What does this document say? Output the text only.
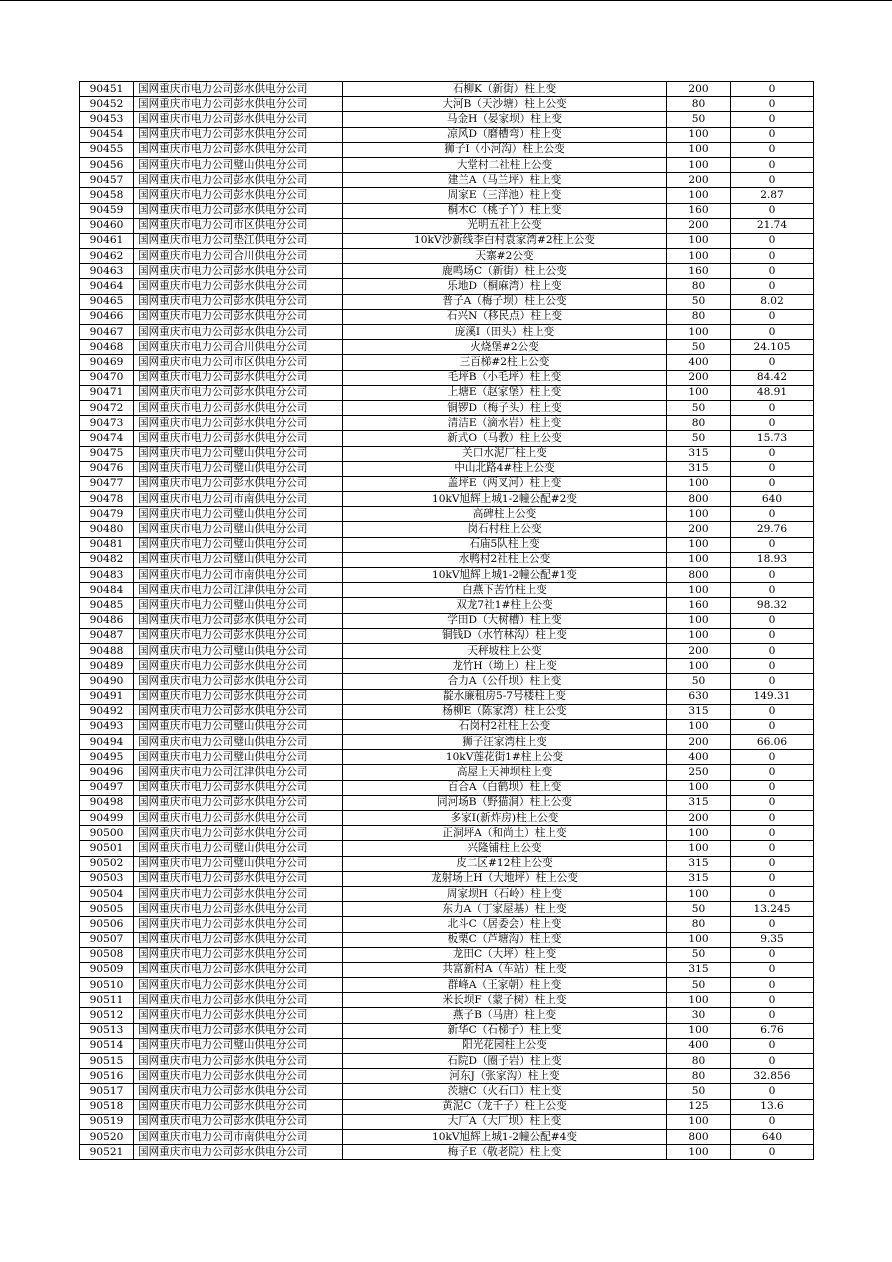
90451	国网重庆市电力公司彭水供电分公司	石柳K（新街）柱上变	200	0
90452	国网重庆市电力公司彭水供电分公司	大河B（天沙塘）柱上公变	80	0
90453	国网重庆市电力公司彭水供电分公司	马金H（晏家坝）柱上变	50	0
90454	国网重庆市电力公司彭水供电分公司	凉风D（磨槽弯）柱上变	100	0
90455	国网重庆市电力公司彭水供电分公司	狮子I（小河沟）柱上公变	100	0
90456	国网重庆市电力公司璧山供电分公司	大堂村二社柱上公变	100	0
90457	国网重庆市电力公司彭水供电分公司	建兰A（马兰坪）柱上变	200	0
90458	国网重庆市电力公司彭水供电分公司	周家E（三洋池）柱上变	100	2.87
90459	国网重庆市电力公司彭水供电分公司	桐木C（桃子丫）柱上变	160	0
90460	国网重庆市电力公司市区供电分公司	光明五社上公变	200	21.74
90461	国网重庆市电力公司垫江供电分公司	10kV沙新线李白村袁家湾#2柱上公变	100	0
90462	国网重庆市电力公司合川供电分公司	天寨#2公变	100	0
90463	国网重庆市电力公司彭水供电分公司	鹿鸣场C（新街）柱上公变	160	0
90464	国网重庆市电力公司彭水供电分公司	乐地D（桐麻湾）柱上变	80	0
90465	国网重庆市电力公司彭水供电分公司	普子A（梅子坝）柱上公变	50	8.02
90466	国网重庆市电力公司彭水供电分公司	石兴N（移民点）柱上变	80	0
90467	国网重庆市电力公司彭水供电分公司	庞溪I（田头）柱上变	100	0
90468	国网重庆市电力公司合川供电分公司	火烧堡#2公变	50	24.105
90469	国网重庆市电力公司市区供电分公司	三百梯#2柱上公变	400	0
90470	国网重庆市电力公司彭水供电分公司	毛坪B（小毛坪）柱上变	200	84.42
90471	国网重庆市电力公司彭水供电分公司	上塘E（赵家堡）柱上变	100	48.91
90472	国网重庆市电力公司彭水供电分公司	铜锣D（梅子头）柱上变	50	0
90473	国网重庆市电力公司彭水供电分公司	清洁E（滴水岩）柱上变	80	0
90474	国网重庆市电力公司彭水供电分公司	新式O（马教）柱上公变	50	15.73
90475	国网重庆市电力公司璧山供电分公司	关口水泥厂柱上变	315	0
90476	国网重庆市电力公司璧山供电分公司	中山北路4#柱上公变	315	0
90477	国网重庆市电力公司彭水供电分公司	盖坪E（两叉河）柱上变	100	0
90478	国网重庆市电力公司市南供电分公司	10kV旭辉上城1-2幢公配#2变	800	640
90479	国网重庆市电力公司璧山供电分公司	高碑柱上公变	100	0
90480	国网重庆市电力公司璧山供电分公司	岗石村柱上公变	200	29.76
90481	国网重庆市电力公司璧山供电分公司	石庙5队柱上变	100	0
90482	国网重庆市电力公司璧山供电分公司	水鸭村2社柱上公变	100	18.93
90483	国网重庆市电力公司市南供电分公司	10kV旭辉上城1-2幢公配#1变	800	0
90484	国网重庆市电力公司江津供电分公司	白燕下苦竹柱上变	100	0
90485	国网重庆市电力公司璧山供电分公司	双龙7社1#柱上公变	160	98.32
90486	国网重庆市电力公司彭水供电分公司	学田D（大树槽）柱上变	100	0
90487	国网重庆市电力公司彭水供电分公司	铜钱D（水竹林沟）柱上变	100	0
90488	国网重庆市电力公司璧山供电分公司	天秤坡柱上公变	200	0
90489	国网重庆市电力公司彭水供电分公司	龙竹H（坳上）柱上变	100	0
90490	国网重庆市电力公司彭水供电分公司	合力A（公仟坝）柱上变	50	0
90491	国网重庆市电力公司彭水供电分公司	靛水廉租房5-7号楼柱上变	630	149.31
90492	国网重庆市电力公司彭水供电分公司	杨柳E（陈家湾）柱上公变	315	0
90493	国网重庆市电力公司璧山供电分公司	石岗村2社柱上公变	100	0
90494	国网重庆市电力公司璧山供电分公司	狮子汪家湾柱上变	200	66.06
90495	国网重庆市电力公司璧山供电分公司	10kV莲花街1#柱上公变	400	0
90496	国网重庆市电力公司江津供电分公司	高屋上天神坝柱上变	250	0
90497	国网重庆市电力公司彭水供电分公司	百合A（白鹤坝）柱上变	100	0
90498	国网重庆市电力公司彭水供电分公司	同河场B（野猫洞）柱上公变	315	0
90499	国网重庆市电力公司彭水供电分公司	多家I(新炸房)柱上公变	200	0
90500	国网重庆市电力公司彭水供电分公司	正洞坪A（和尚土）柱上变	100	0
90501	国网重庆市电力公司璧山供电分公司	兴隆铺柱上公变	100	0
90502	国网重庆市电力公司璧山供电分公司	皮二区#12柱上公变	315	0
90503	国网重庆市电力公司彭水供电分公司	龙射场上H（大地坪）柱上公变	315	0
90504	国网重庆市电力公司彭水供电分公司	周家坝H（石岭）柱上变	100	0
90505	国网重庆市电力公司彭水供电分公司	东力A（丁家屋基）柱上变	50	13.245
90506	国网重庆市电力公司彭水供电分公司	北斗C（居委会）柱上变	80	0
90507	国网重庆市电力公司彭水供电分公司	板栗C（芦塘沟）柱上变	100	9.35
90508	国网重庆市电力公司彭水供电分公司	龙田C（大坪）柱上变	50	0
90509	国网重庆市电力公司彭水供电分公司	共富新村A（车站）柱上变	315	0
90510	国网重庆市电力公司彭水供电分公司	群峰A（王家朝）柱上变	50	0
90511	国网重庆市电力公司彭水供电分公司	米长坝F（蒙子树）柱上变	100	0
90512	国网重庆市电力公司彭水供电分公司	燕子B（马唐）柱上变	30	0
90513	国网重庆市电力公司彭水供电分公司	新华C（石梯子）柱上变	100	6.76
90514	国网重庆市电力公司璧山供电分公司	阳光花园柱上公变	400	0
90515	国网重庆市电力公司彭水供电分公司	石院D（圈子岩）柱上变	80	0
90516	国网重庆市电力公司彭水供电分公司	河东J（张家沟）柱上变	80	32.856
90517	国网重庆市电力公司彭水供电分公司	茨塘C（火石口）柱上变	50	0
90518	国网重庆市电力公司彭水供电分公司	黄泥C（龙千子）柱上公变	125	13.6
90519	国网重庆市电力公司彭水供电分公司	大厂A（大厂坝）柱上变	100	0
90520	国网重庆市电力公司市南供电分公司	10kV旭辉上城1-2幢公配#4变	800	640
90521	国网重庆市电力公司彭水供电分公司	梅子E（敬老院）柱上变	100	0
